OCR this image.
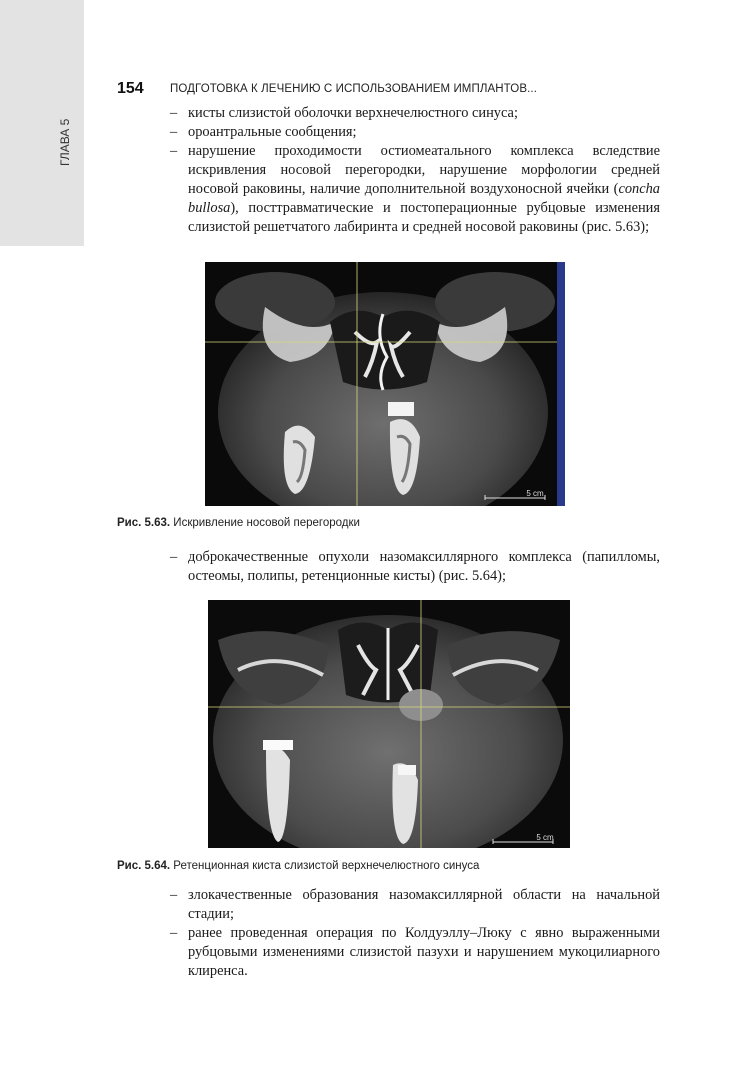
ГЛАВА 5
154 ПОДГОТОВКА К ЛЕЧЕНИЮ С ИСПОЛЬЗОВАНИЕМ ИМПЛАНТОВ...
– кисты слизистой оболочки верхнечелюстного синуса;
– ороантральные сообщения;
– нарушение проходимости остиомеатального комплекса вследствие искривления носовой перегородки, нарушение морфологии средней носовой раковины, наличие дополнительной воздухоносной ячейки (concha bullosa), посттравматические и постоперационные рубцовые изменения слизистой решетчатого лабиринта и средней носовой раковины (рис. 5.63);
5 cm
Рис. 5.63. Искривление носовой перегородки
– доброкачественные опухоли назомаксиллярного комплекса (папилломы, остеомы, полипы, ретенционные кисты) (рис. 5.64);
5 cm
Рис. 5.64. Ретенционная киста слизистой верхнечелюстного синуса
– злокачественные образования назомаксиллярной области на начальной стадии;
– ранее проведенная операция по Колдуэллу–Люку с явно выраженными рубцовыми изменениями слизистой пазухи и нарушением мукоцилиарного клиренса.
